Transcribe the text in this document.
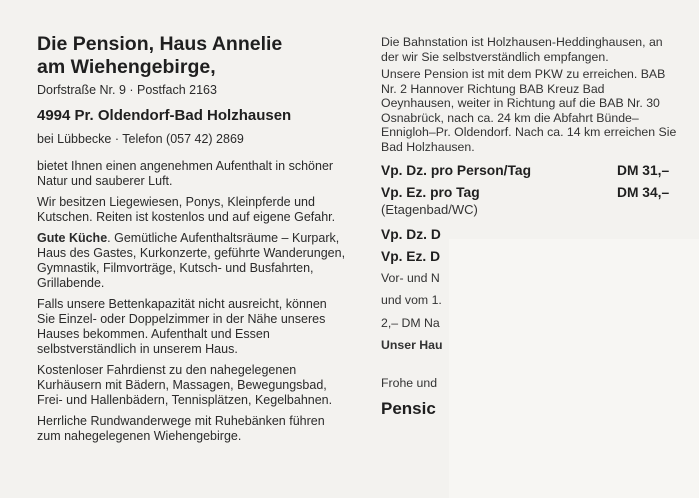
Die Pension, Haus Annelie

am Wiehengebirge,

Dorfstraße Nr. 9 · Postfach 2163

4994 Pr. Oldendorf-Bad Holzhausen

bei Lübbecke · Telefon (057 42) 2869

bietet Ihnen einen angenehmen Aufenthalt in schöner Natur und sauberer Luft.

Wir besitzen Liegewiesen, Ponys, Kleinpferde und Kutschen. Reiten ist kostenlos und auf eigene Gefahr.

Gute Küche. Gemütliche Aufenthaltsräume – Kurpark, Haus des Gastes, Kurkonzerte, geführte Wanderungen, Gymnastik, Filmvorträge, Kutsch- und Busfahrten, Grillabende.

Falls unsere Bettenkapazität nicht ausreicht, können Sie Einzel- oder Doppelzimmer in der Nähe unseres Hauses bekommen. Aufenthalt und Essen selbstverständlich in unserem Haus.

Kostenloser Fahrdienst zu den nahegelegenen Kurhäusern mit Bädern, Massagen, Bewegungsbad, Frei- und Hallenbädern, Tennisplätzen, Kegelbahnen.

Herrliche Rundwanderwege mit Ruhebänken führen zum nahegelegenen Wiehengebirge.

Die Bahnstation ist Holzhausen-Heddinghausen, an der wir Sie selbstverständlich empfangen.

Unsere Pension ist mit dem PKW zu erreichen. BAB Nr. 2 Hannover Richtung BAB Kreuz Bad Oeynhausen, weiter in Richtung auf die BAB Nr. 30 Osnabrück, nach ca. 24 km die Abfahrt Bünde–Ennigloh–Pr. Oldendorf. Nach ca. 14 km erreichen Sie Bad Holzhausen.

Vp. Dz. pro Person/Tag	DM 31,–
Vp. Ez. pro Tag	DM 34,–
(Etagenbad/WC)
Vp. Dz. D
Vp. Ez. D
Vor- und N
und vom 1.
2,– DM Na
Unser Hau
Frohe und
Pensic
